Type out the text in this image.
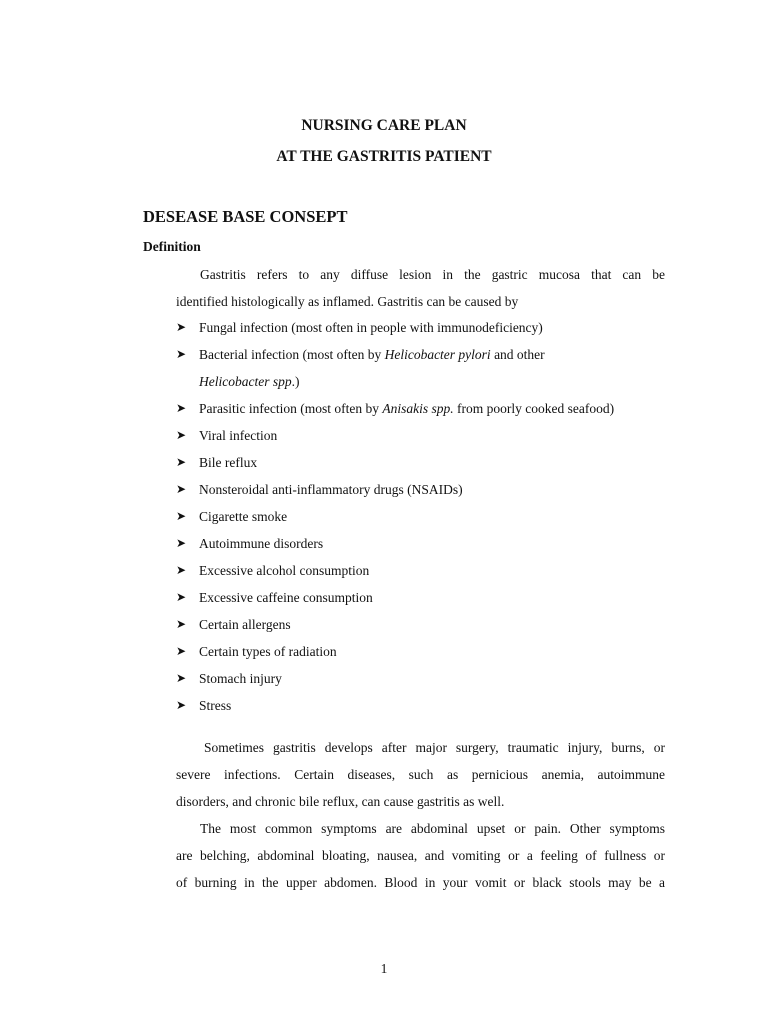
NURSING CARE PLAN
AT THE GASTRITIS PATIENT
DESEASE BASE CONSEPT
Definition
Gastritis refers to any diffuse lesion in the gastric mucosa that can be
identified histologically as inflamed. Gastritis can be caused by
➤ Fungal infection (most often in people with immunodeficiency)
➤ Bacterial infection (most often by Helicobacter pylori and other
Helicobacter spp.)
➤ Parasitic infection (most often by Anisakis spp. from poorly cooked seafood)
➤ Viral infection
➤ Bile reflux
➤ Nonsteroidal anti-inflammatory drugs (NSAIDs)
➤ Cigarette smoke
➤ Autoimmune disorders
➤ Excessive alcohol consumption
➤ Excessive caffeine consumption
➤ Certain allergens
➤ Certain types of radiation
➤ Stomach injury
➤ Stress
Sometimes gastritis develops after major surgery, traumatic injury, burns, or
severe infections. Certain diseases, such as pernicious anemia, autoimmune
disorders, and chronic bile reflux, can cause gastritis as well.
The most common symptoms are abdominal upset or pain. Other symptoms
are belching, abdominal bloating, nausea, and vomiting or a feeling of fullness or
of burning in the upper abdomen. Blood in your vomit or black stools may be a
1
